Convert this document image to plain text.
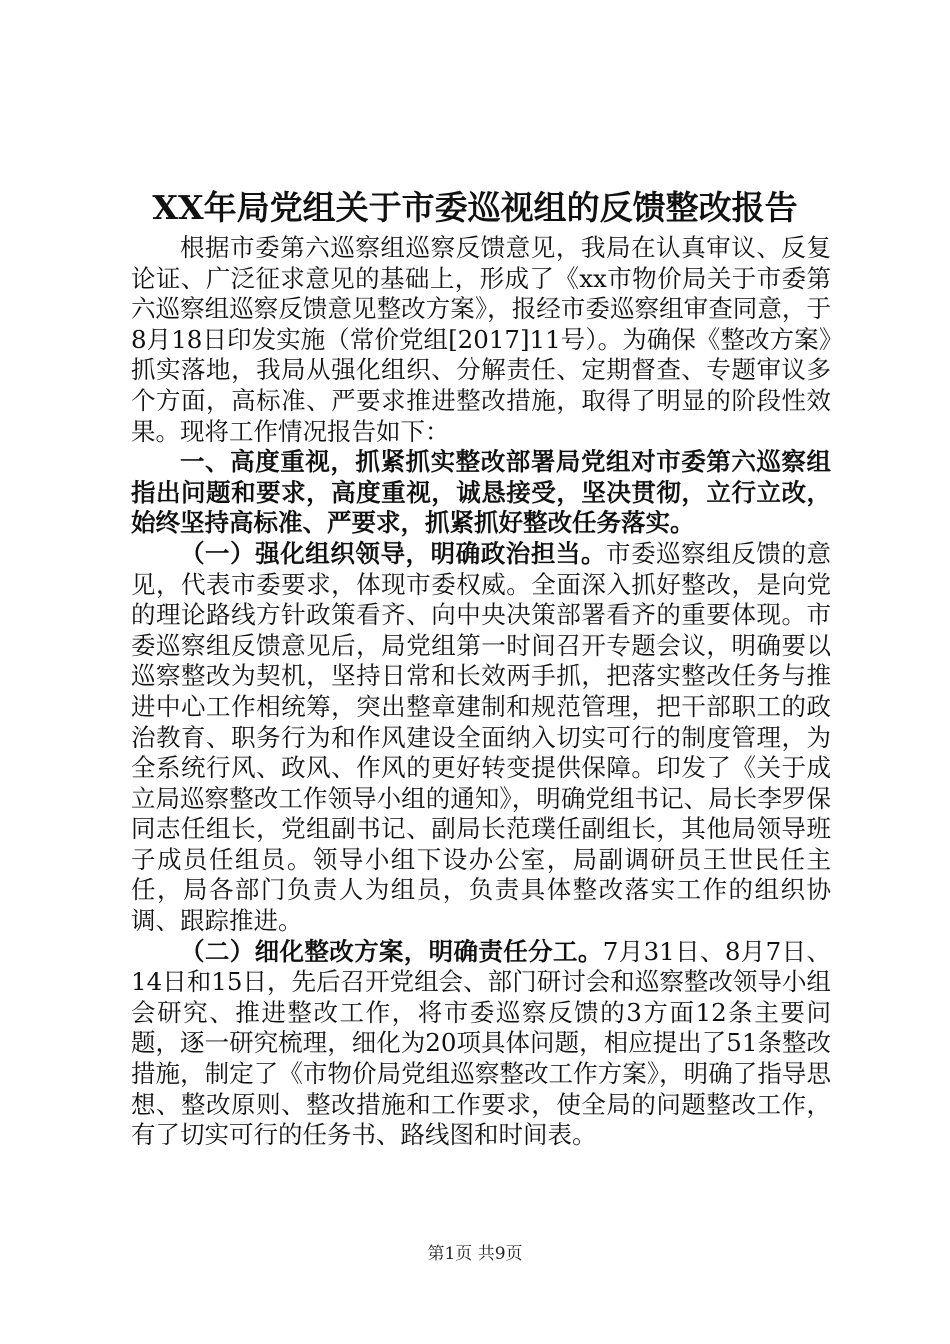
XX年局党组关于市委巡视组的反馈整改报告

根据市委第六巡察组巡察反馈意见，我局在认真审议、反复论证、广泛征求意见的基础上，形成了《xx市物价局关于市委第六巡察组巡察反馈意见整改方案》，报经市委巡察组审查同意，于8月18日印发实施（常价党组[2017]11号）。为确保《整改方案》抓实落地，我局从强化组织、分解责任、定期督查、专题审议多个方面，高标准、严要求推进整改措施，取得了明显的阶段性效果。现将工作情况报告如下：

一、高度重视，抓紧抓实整改部署局党组对市委第六巡察组指出问题和要求，高度重视，诚恳接受，坚决贯彻，立行立改，始终坚持高标准、严要求，抓紧抓好整改任务落实。

（一）强化组织领导，明确政治担当。市委巡察组反馈的意见，代表市委要求，体现市委权威。全面深入抓好整改，是向党的理论路线方针政策看齐、向中央决策部署看齐的重要体现。市委巡察组反馈意见后，局党组第一时间召开专题会议，明确要以巡察整改为契机，坚持日常和长效两手抓，把落实整改任务与推进中心工作相统筹，突出整章建制和规范管理，把干部职工的政治教育、职务行为和作风建设全面纳入切实可行的制度管理，为全系统行风、政风、作风的更好转变提供保障。印发了《关于成立局巡察整改工作领导小组的通知》，明确党组书记、局长李罗保同志任组长，党组副书记、副局长范璞任副组长，其他局领导班子成员任组员。领导小组下设办公室，局副调研员王世民任主任，局各部门负责人为组员，负责具体整改落实工作的组织协调、跟踪推进。

（二）细化整改方案，明确责任分工。7月31日、8月7日、14日和15日，先后召开党组会、部门研讨会和巡察整改领导小组会研究、推进整改工作，将市委巡察反馈的3方面12条主要问题，逐一研究梳理，细化为20项具体问题，相应提出了51条整改措施，制定了《市物价局党组巡察整改工作方案》，明确了指导思想、整改原则、整改措施和工作要求，使全局的问题整改工作，有了切实可行的任务书、路线图和时间表。

第1页 共9页
